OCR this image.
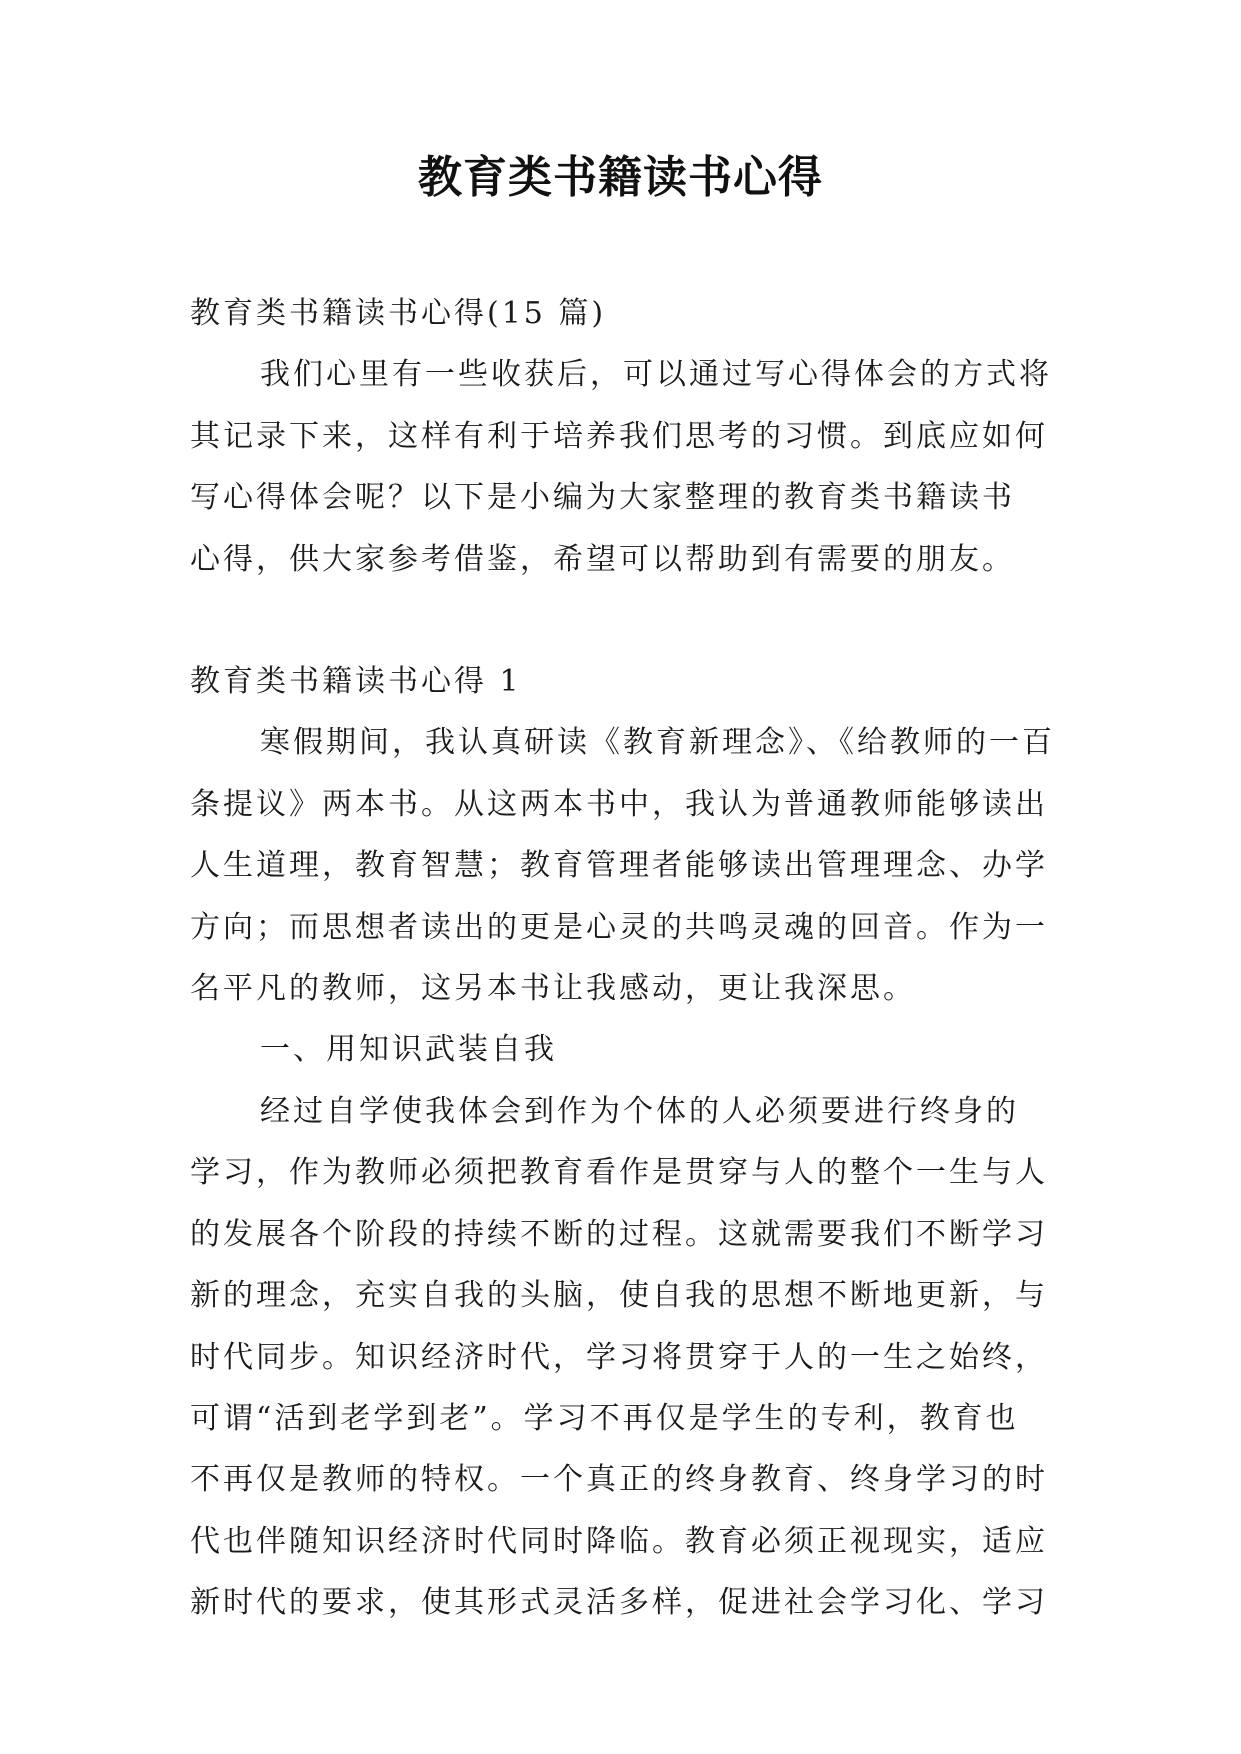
教育类书籍读书心得
教育类书籍读书心得(15 篇)
我们心里有一些收获后，可以通过写心得体会的方式将
其记录下来，这样有利于培养我们思考的习惯。到底应如何
写心得体会呢？以下是小编为大家整理的教育类书籍读书
心得，供大家参考借鉴，希望可以帮助到有需要的朋友。
教育类书籍读书心得 1
寒假期间，我认真研读《教育新理念》、《给教师的一百
条提议》两本书。从这两本书中，我认为普通教师能够读出
人生道理，教育智慧；教育管理者能够读出管理理念、办学
方向；而思想者读出的更是心灵的共鸣灵魂的回音。作为一
名平凡的教师，这另本书让我感动，更让我深思。
一、用知识武装自我
经过自学使我体会到作为个体的人必须要进行终身的
学习，作为教师必须把教育看作是贯穿与人的整个一生与人
的发展各个阶段的持续不断的过程。这就需要我们不断学习
新的理念，充实自我的头脑，使自我的思想不断地更新，与
时代同步。知识经济时代，学习将贯穿于人的一生之始终，
可谓“活到老学到老”。学习不再仅是学生的专利，教育也
不再仅是教师的特权。一个真正的终身教育、终身学习的时
代也伴随知识经济时代同时降临。教育必须正视现实，适应
新时代的要求，使其形式灵活多样，促进社会学习化、学习
